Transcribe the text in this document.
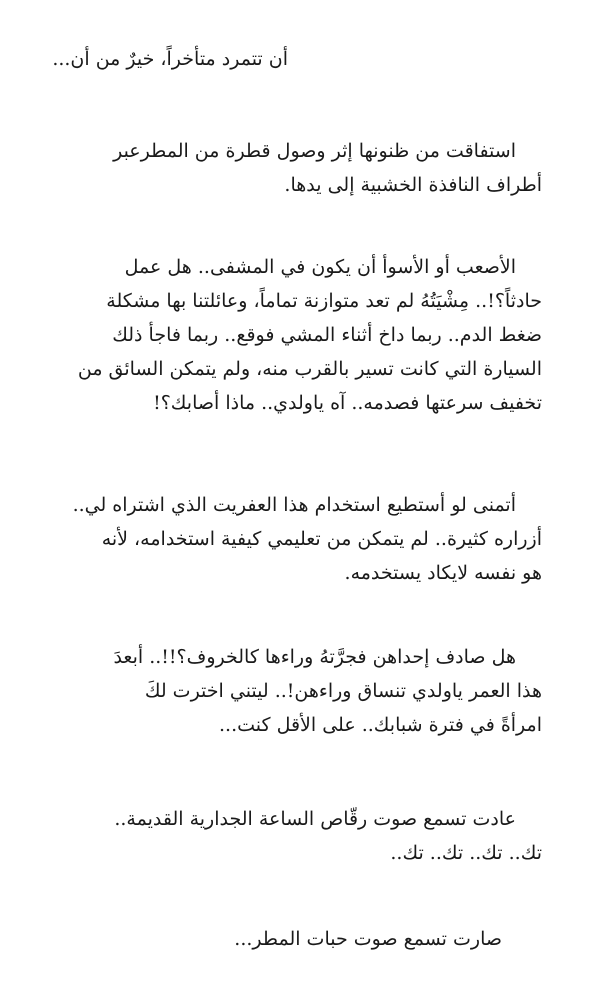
أن تتمرد متأخراً، خيرٌ من أن...

استفاقت من ظنونها إثر وصول قطرة من المطرعبر
أطراف النافذة الخشبية إلى يدها.

الأصعب أو الأسوأ أن يكون في المشفى.. هل عمل
حادثاً؟!.. مِشْيَتُهُ لم تعد متوازنة تماماً، وعائلتنا بها مشكلة
ضغط الدم.. ربما داخ أثناء المشي فوقع.. ربما فاجأ ذلك
السيارة التي كانت تسير بالقرب منه، ولم يتمكن السائق من
تخفيف سرعتها فصدمه.. آه ياولدي.. ماذا أصابك؟!

أتمنى لو أستطيع استخدام هذا العفريت الذي اشتراه لي..
أزراره كثيرة.. لم يتمكن من تعليمي كيفية استخدامه، لأنه
هو نفسه لايكاد يستخدمه.

هل صادف إحداهن فجرَّتهُ وراءها كالخروف؟!!.. أبعدَ
هذا العمر ياولدي تنساق وراءهن!.. ليتني اخترت لكَ
امرأةً في فترة شبابك.. على الأقل كنت...

عادت تسمع صوت رقّاص الساعة الجدارية القديمة..
تك.. تك.. تك.. تك..

صارت تسمع صوت حبات المطر...
